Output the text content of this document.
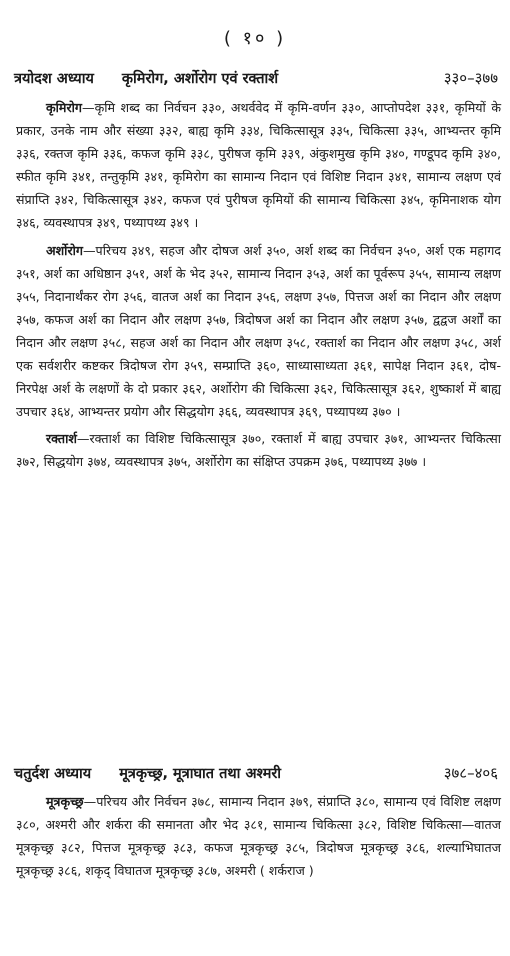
( १० )
त्रयोदश अध्याय कृमिरोग, अर्शोरोग एवं रक्तार्श	३३०–३७७

कृमिरोग—कृमि शब्द का निर्वचन ३३०, अथर्ववेद में कृमि-वर्णन ३३०, आप्तोपदेश ३३१, कृमियों के प्रकार, उनके नाम और संख्या ३३२, बाह्य कृमि ३३४, चिकित्सासूत्र ३३५, चिकित्सा ३३५, आभ्यन्तर कृमि ३३६, रक्तज कृमि ३३६, कफज कृमि ३३८, पुरीषज कृमि ३३९, अंकुशमुख कृमि ३४०, गण्डूपद कृमि ३४०, स्फीत कृमि ३४१, तन्तुकृमि ३४१, कृमिरोग का सामान्य निदान एवं विशिष्ट निदान ३४१, सामान्य लक्षण एवं संप्राप्ति ३४२, चिकित्सासूत्र ३४२, कफज एवं पुरीषज कृमियों की सामान्य चिकित्सा ३४५, कृमिनाशक योग ३४६, व्यवस्थापत्र ३४९, पथ्यापथ्य ३४९ ।

अर्शोरोग—परिचय ३४९, सहज और दोषज अर्श ३५०, अर्श शब्द का निर्वचन ३५०, अर्श एक महागद ३५१, अर्श का अधिष्ठान ३५१, अर्श के भेद ३५२, सामान्य निदान ३५३, अर्श का पूर्वरूप ३५५, सामान्य लक्षण ३५५, निदानार्थंकर रोग ३५६, वातज अर्श का निदान ३५६, लक्षण ३५७, पित्तज अर्श का निदान और लक्षण ३५७, कफज अर्श का निदान और लक्षण ३५७, त्रिदोषज अर्श का निदान और लक्षण ३५७, द्वद्वज अर्शों का निदान और लक्षण ३५८, सहज अर्श का निदान और लक्षण ३५८, रक्तार्श का निदान और लक्षण ३५८, अर्श एक सर्वशरीर कष्टकर त्रिदोषज रोग ३५९, सम्प्राप्ति ३६०, साध्यासाध्यता ३६१, सापेक्ष निदान ३६१, दोष-निरपेक्ष अर्श के लक्षणों के दो प्रकार ३६२, अर्शोरोग की चिकित्सा ३६२, चिकित्सासूत्र ३६२, शुष्कार्श में बाह्य उपचार ३६४, आभ्यन्तर प्रयोग और सिद्धयोग ३६६, व्यवस्थापत्र ३६९, पथ्यापथ्य ३७० ।

रक्तार्श—रक्तार्श का विशिष्ट चिकित्सासूत्र ३७०, रक्तार्श में बाह्य उपचार ३७१, आभ्यन्तर चिकित्सा ३७२, सिद्धयोग ३७४, व्यवस्थापत्र ३७५, अर्शोरोग का संक्षिप्त उपक्रम ३७६, पथ्यापथ्य ३७७ ।

चतुर्दश अध्याय मूत्रकृच्छ्र, मूत्राघात तथा अश्मरी	३७८–४०६

मूत्रकृच्छ्र—परिचय और निर्वचन ३७८, सामान्य निदान ३७९, संप्राप्ति ३८०, सामान्य एवं विशिष्ट लक्षण ३८०, अश्मरी और शर्करा की समानता और भेद ३८१, सामान्य चिकित्सा ३८२, विशिष्ट चिकित्सा—वातज मूत्रकृच्छ्र ३८२, पित्तज मूत्रकृच्छ्र ३८३, कफज मूत्रकृच्छ्र ३८५, त्रिदोषज मूत्रकृच्छ्र ३८६, शल्याभिघातज मूत्रकृच्छ्र ३८६, शकृद् विघातज मूत्रकृच्छ्र ३८७, अश्मरी ( शर्कराज )
